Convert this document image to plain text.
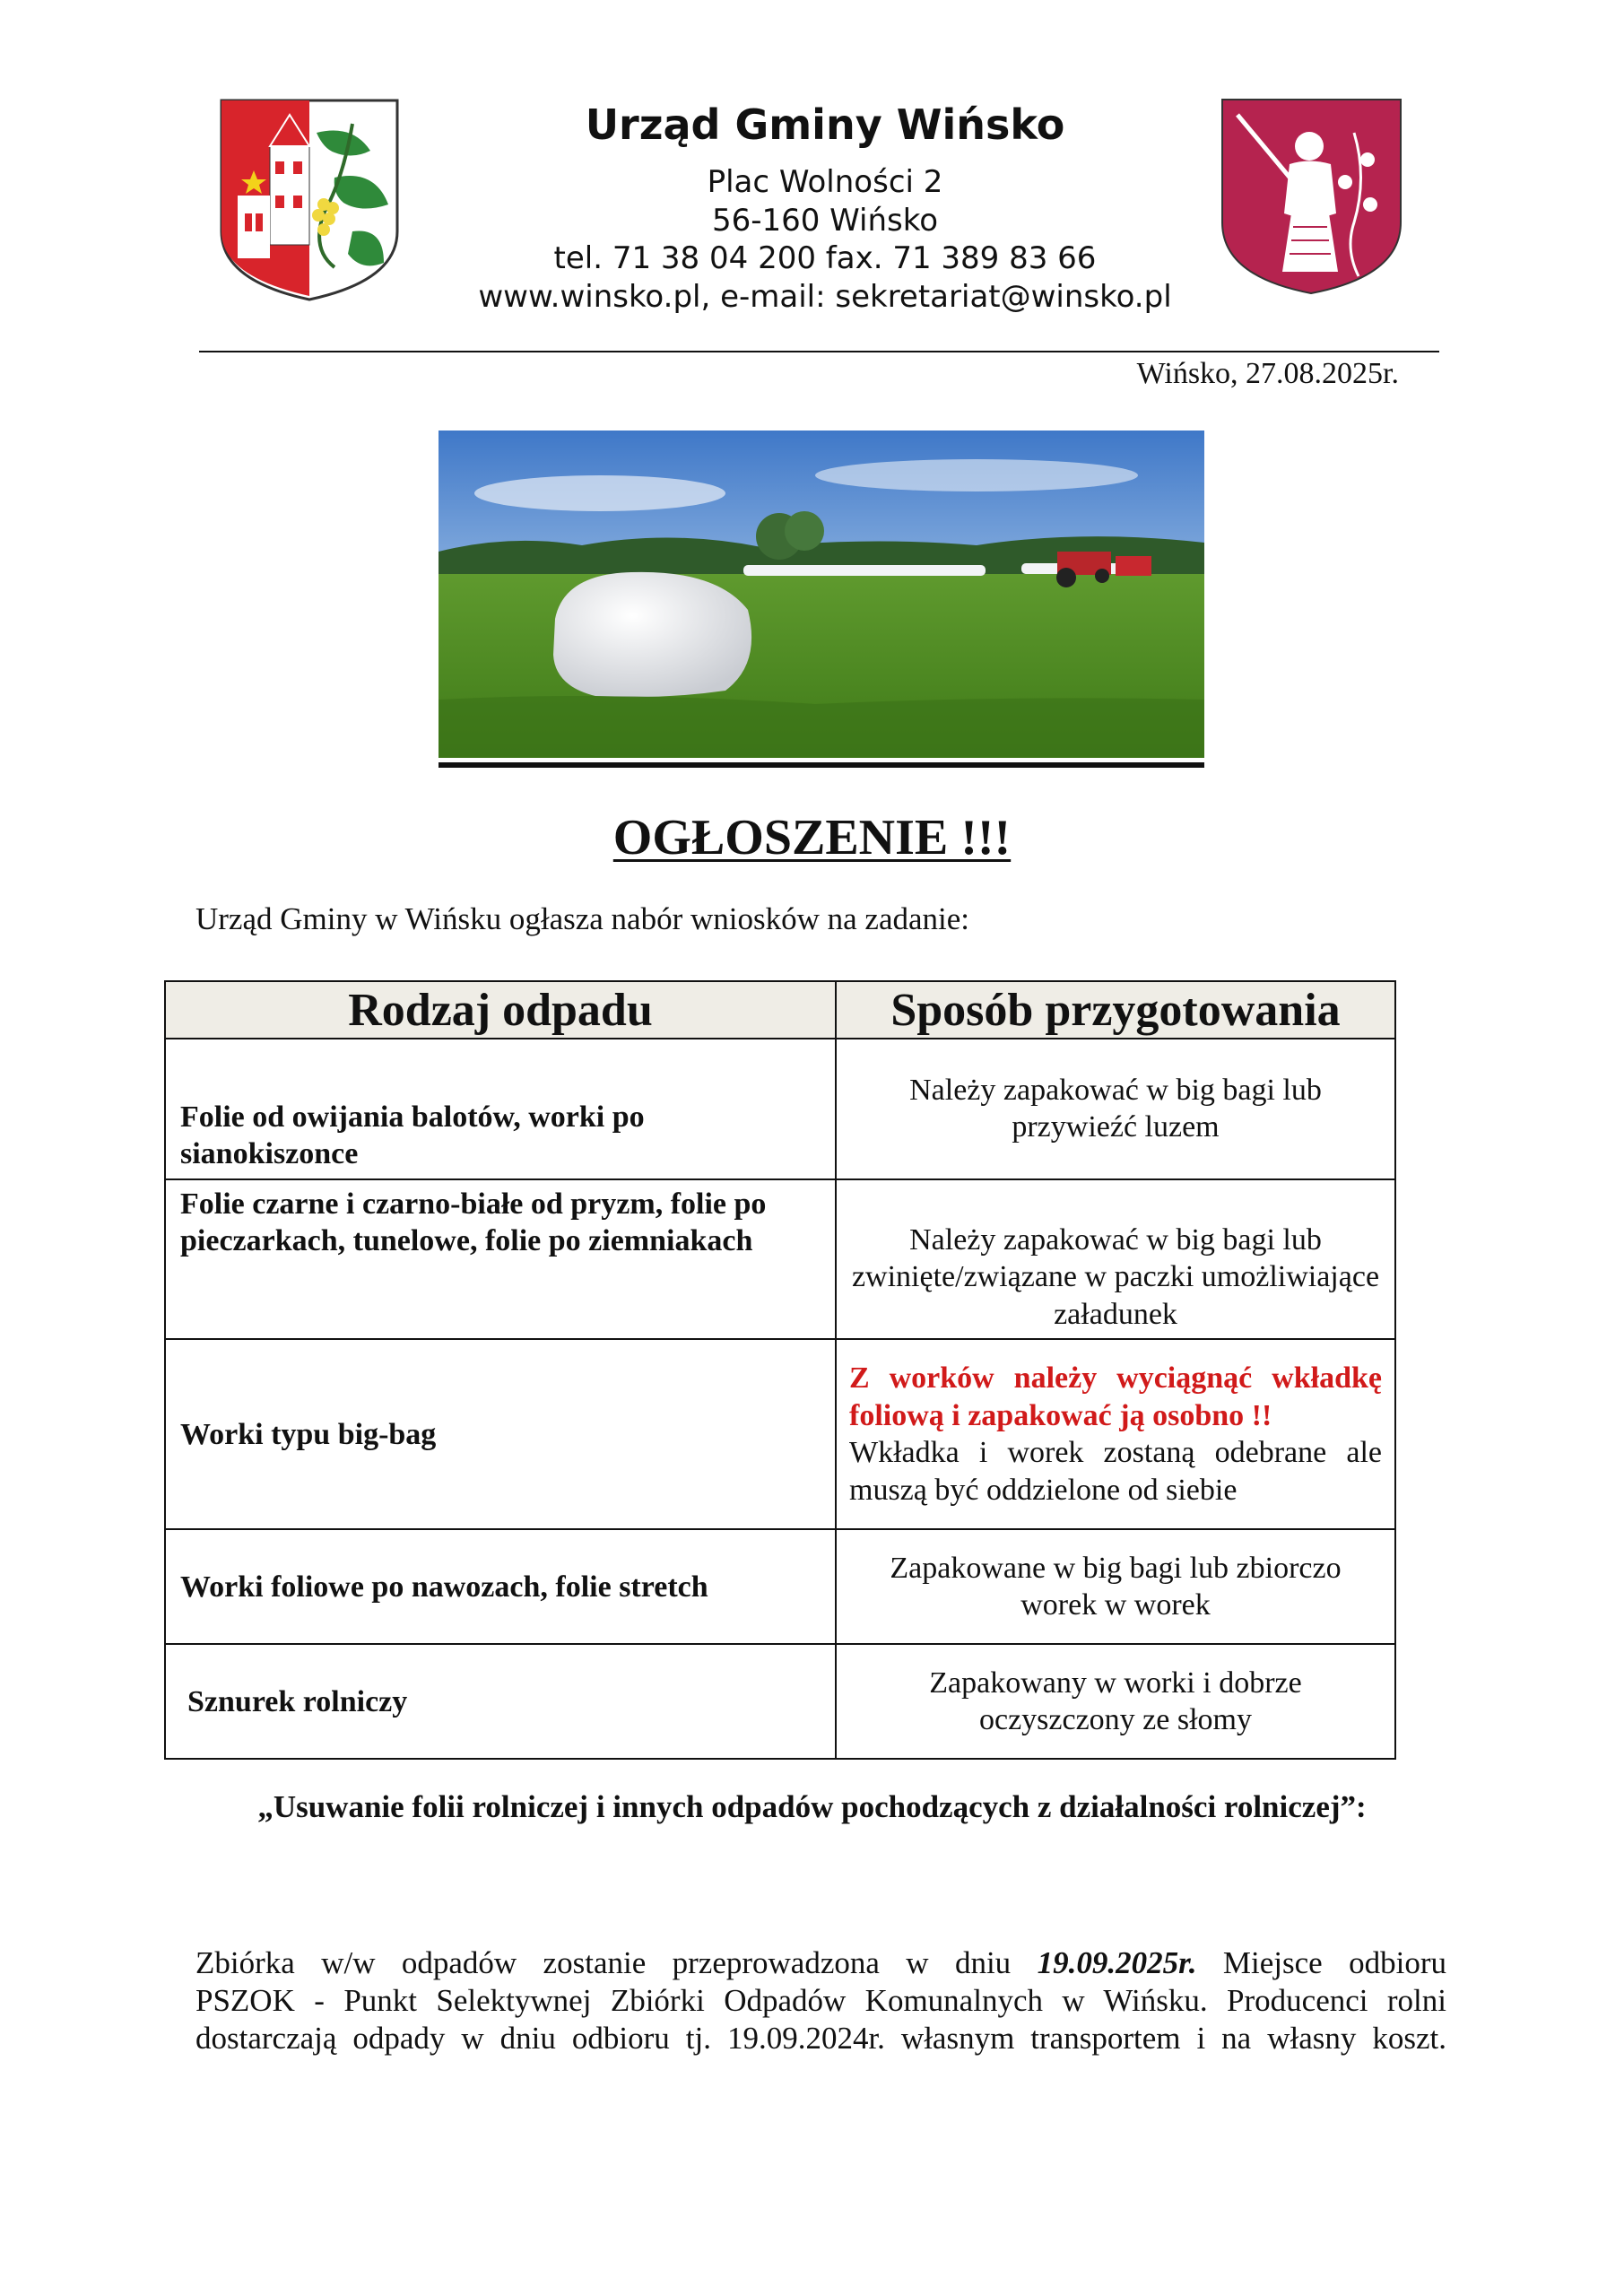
Urząd Gminy Wińsko
Plac Wolności 2
56-160 Wińsko
tel. 71 38 04 200 fax. 71 389 83 66
www.winsko.pl, e-mail: sekretariat@winsko.pl
Wińsko, 27.08.2025r.
OGŁOSZENIE !!!
Urząd Gminy w Wińsku ogłasza nabór wniosków na zadanie:
Rodzaj odpadu	Sposób przygotowania

Folie od owijania balotów, worki po sianokiszonce	Należy zapakować w big bagi lub przywieźć luzem

Folie czarne i czarno-białe od pryzm, folie po pieczarkach, tunelowe, folie po ziemniakach	Należy zapakować w big bagi lub zwinięte/związane w paczki umożliwiające załadunek

Worki typu big-bag	Z worków należy wyciągnąć wkładkę foliową i zapakować ją osobno !!
Wkładka i worek zostaną odebrane ale muszą być oddzielone od siebie

Worki foliowe po nawozach, folie stretch	Zapakowane w big bagi lub zbiorczo worek w worek
Sznurek rolniczy	Zapakowany w worki i dobrze oczyszczony ze słomy
„Usuwanie folii rolniczej i innych odpadów pochodzących z działalności rolniczej”:
Zbiórka w/w odpadów zostanie przeprowadzona w dniu 19.09.2025r. Miejsce odbioru
PSZOK - Punkt Selektywnej Zbiórki Odpadów Komunalnych w Wińsku. Producenci rolni
dostarczają odpady w dniu odbioru tj. 19.09.2024r. własnym transportem i na własny koszt.
